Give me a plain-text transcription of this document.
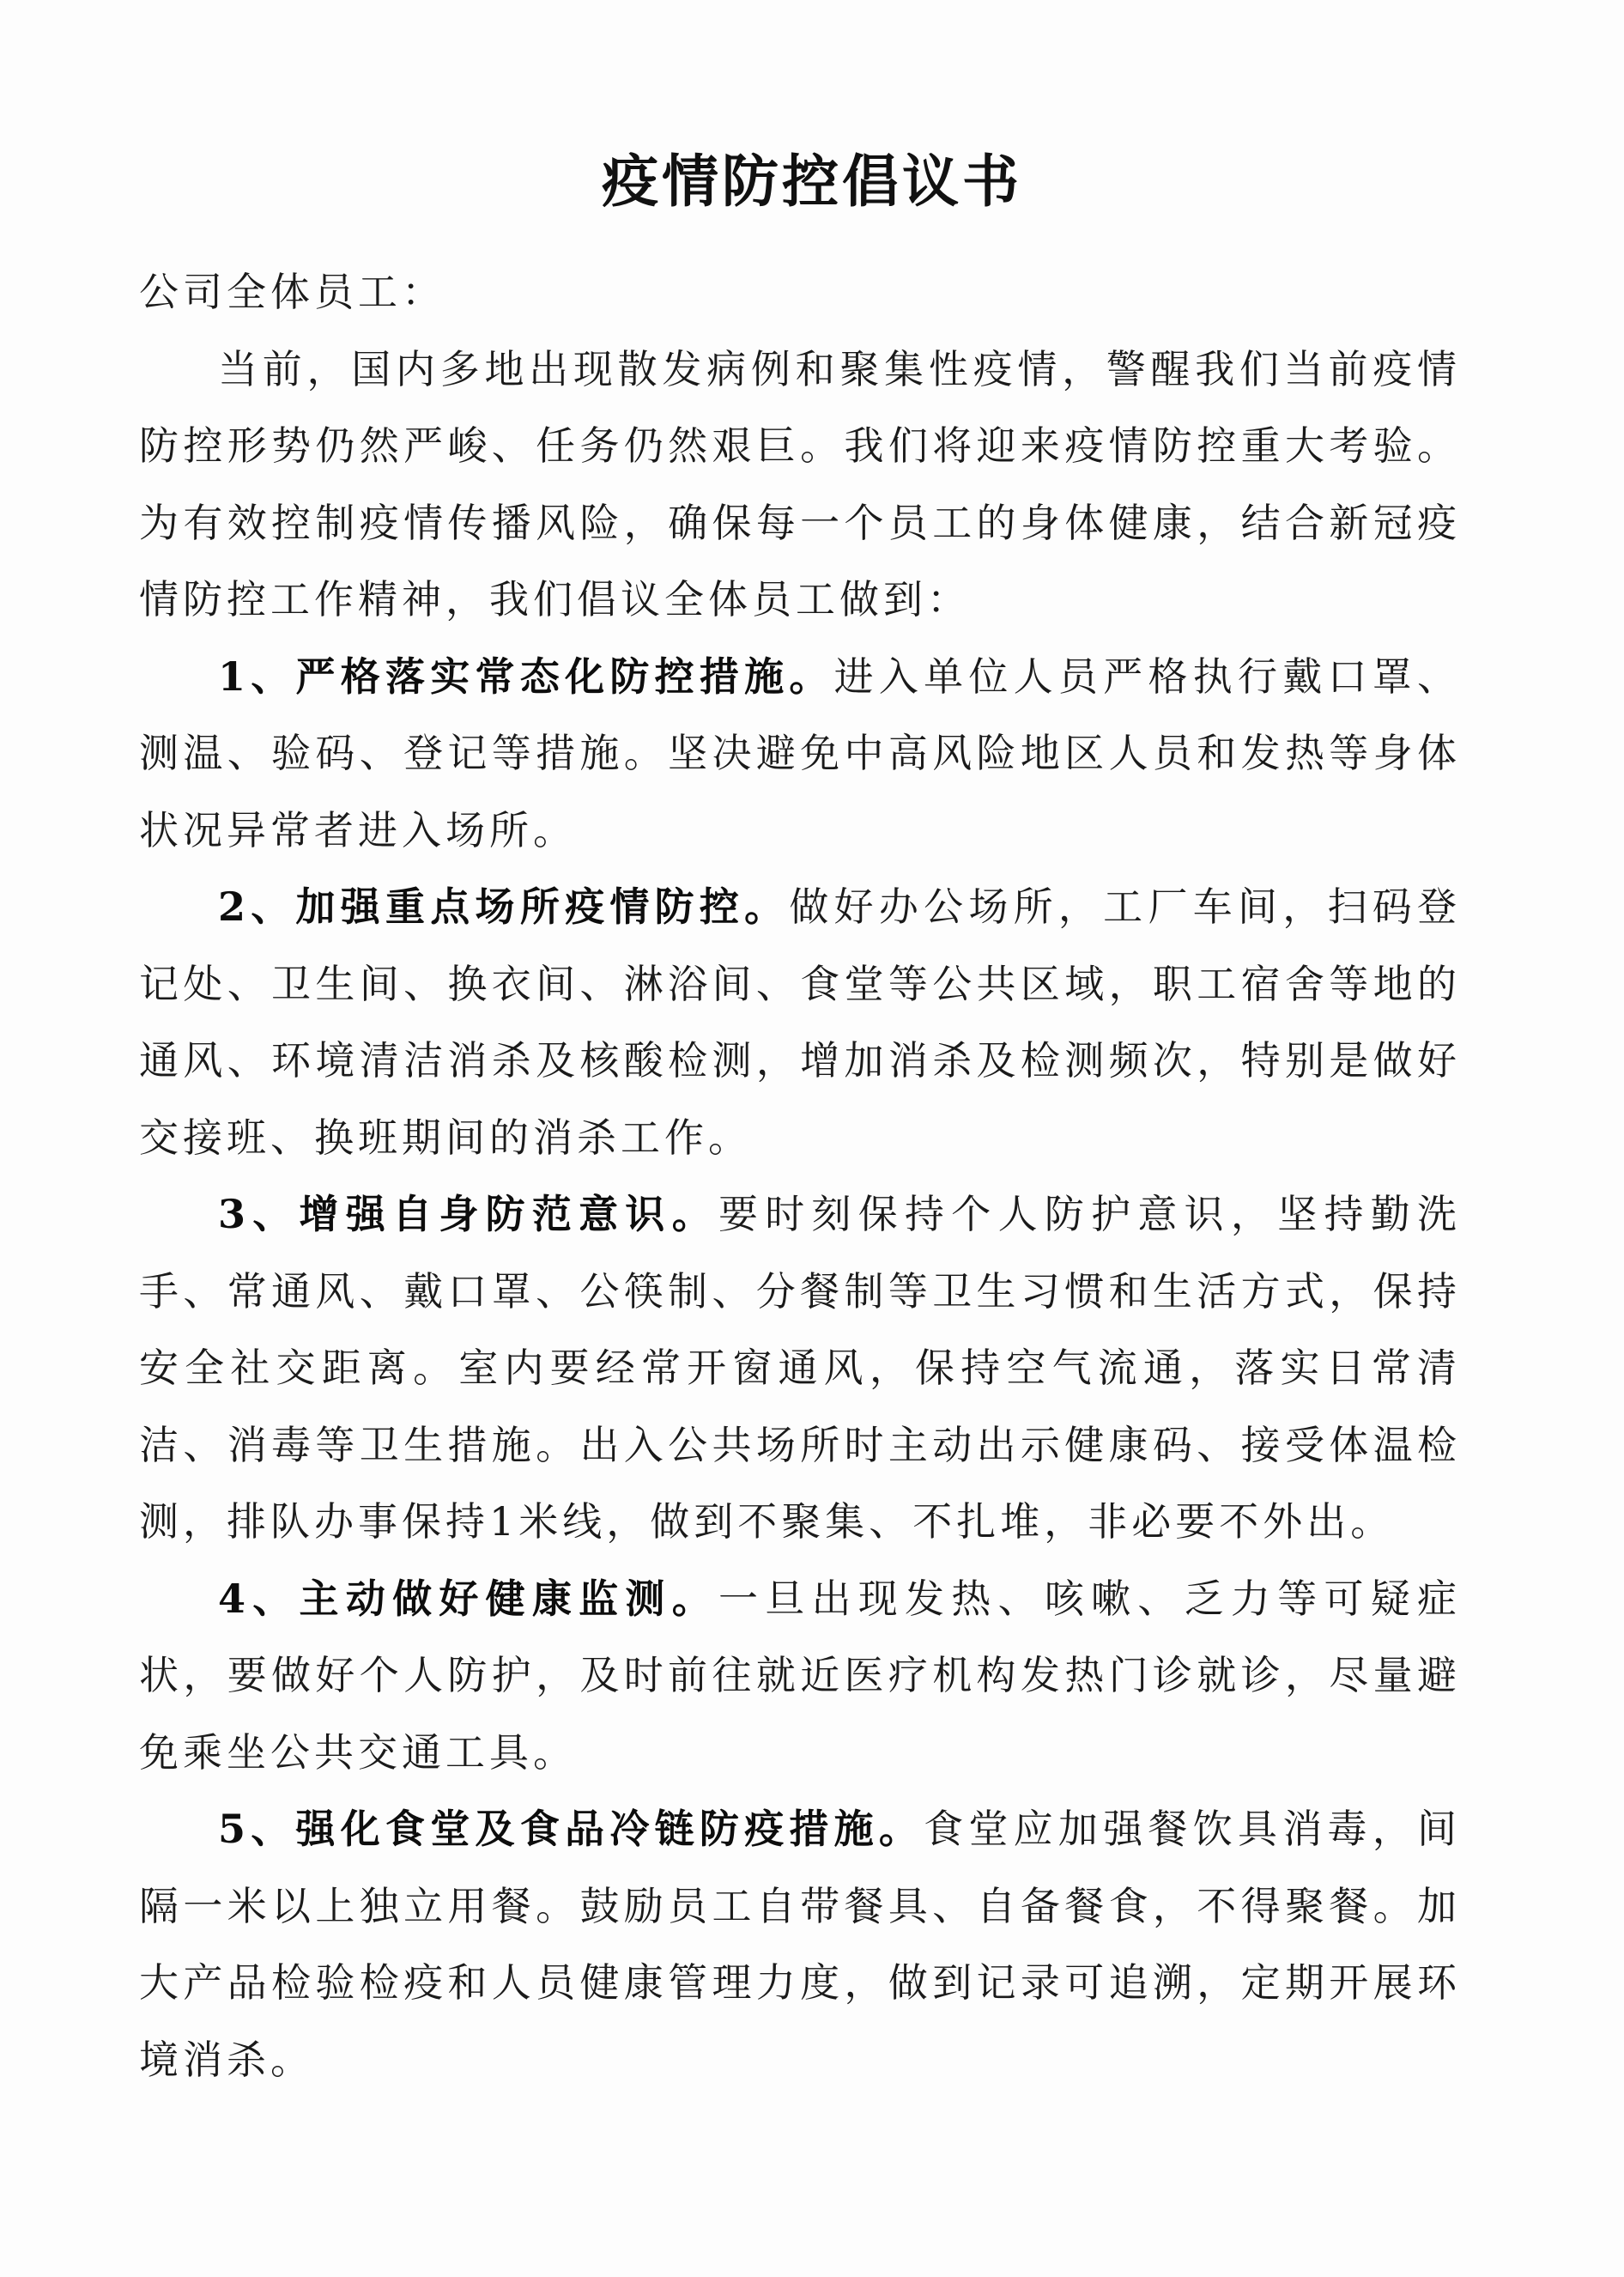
疫情防控倡议书

公司全体员工：

当前，国内多地出现散发病例和聚集性疫情，警醒我们当前疫情防控形势仍然严峻、任务仍然艰巨。我们将迎来疫情防控重大考验。为有效控制疫情传播风险，确保每一个员工的身体健康，结合新冠疫情防控工作精神，我们倡议全体员工做到：

1、严格落实常态化防控措施。进入单位人员严格执行戴口罩、测温、验码、登记等措施。坚决避免中高风险地区人员和发热等身体状况异常者进入场所。

2、加强重点场所疫情防控。做好办公场所，工厂车间，扫码登记处、卫生间、换衣间、淋浴间、食堂等公共区域，职工宿舍等地的通风、环境清洁消杀及核酸检测，增加消杀及检测频次，特别是做好交接班、换班期间的消杀工作。

3、增强自身防范意识。要时刻保持个人防护意识，坚持勤洗手、常通风、戴口罩、公筷制、分餐制等卫生习惯和生活方式，保持安全社交距离。室内要经常开窗通风，保持空气流通，落实日常清洁、消毒等卫生措施。出入公共场所时主动出示健康码、接受体温检测，排队办事保持1米线，做到不聚集、不扎堆，非必要不外出。

4、主动做好健康监测。一旦出现发热、咳嗽、乏力等可疑症状，要做好个人防护，及时前往就近医疗机构发热门诊就诊，尽量避免乘坐公共交通工具。

5、强化食堂及食品冷链防疫措施。食堂应加强餐饮具消毒，间隔一米以上独立用餐。鼓励员工自带餐具、自备餐食，不得聚餐。加大产品检验检疫和人员健康管理力度，做到记录可追溯，定期开展环境消杀。
